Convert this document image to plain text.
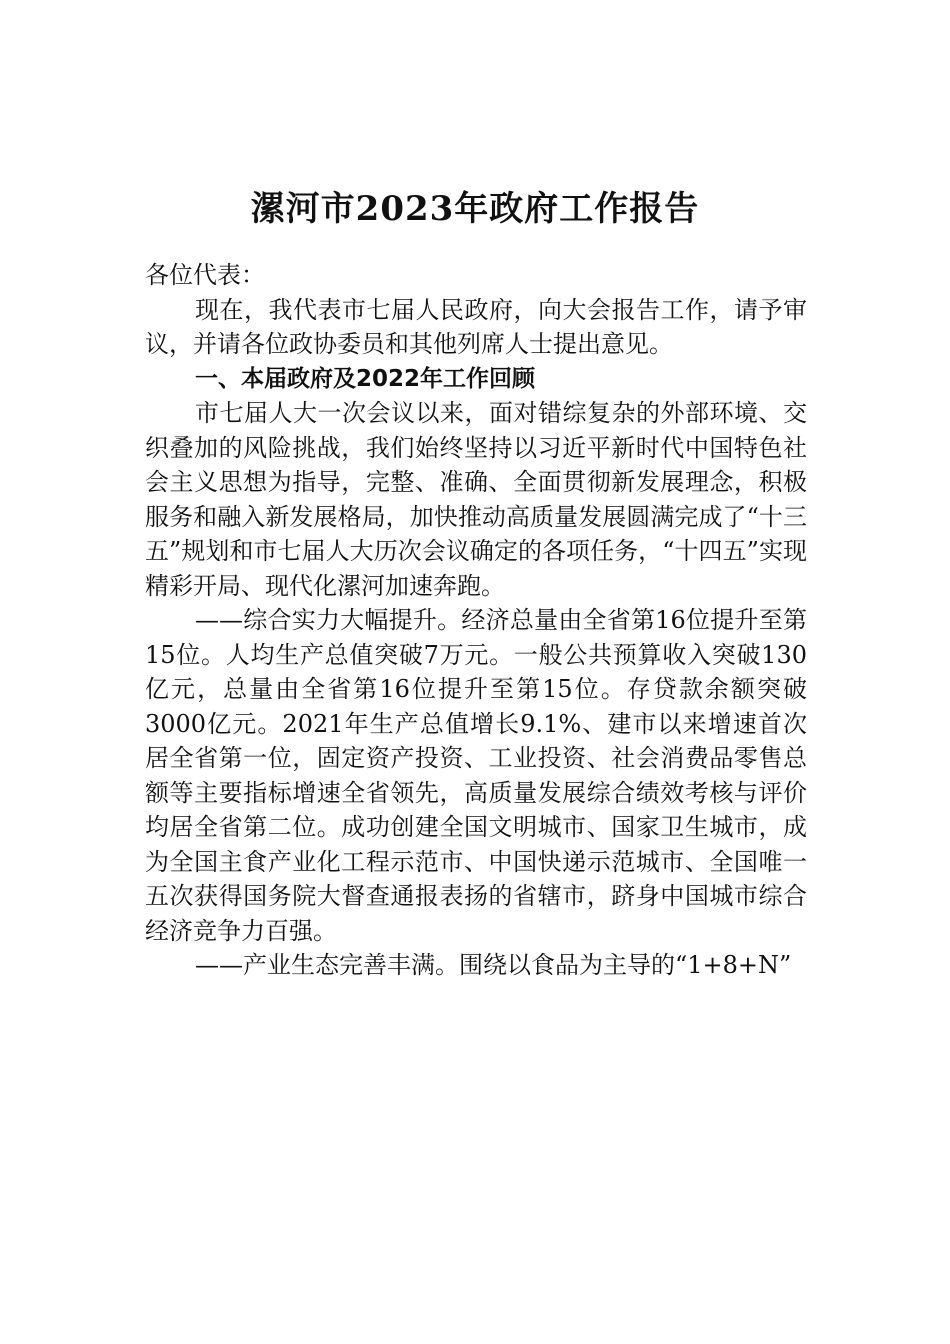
漯河市2023年政府工作报告

各位代表：

现在，我代表市七届人民政府，向大会报告工作，请予审议，并请各位政协委员和其他列席人士提出意见。

一、本届政府及2022年工作回顾

市七届人大一次会议以来，面对错综复杂的外部环境、交织叠加的风险挑战，我们始终坚持以习近平新时代中国特色社会主义思想为指导，完整、准确、全面贯彻新发展理念，积极服务和融入新发展格局，加快推动高质量发展圆满完成了“十三五”规划和市七届人大历次会议确定的各项任务，“十四五”实现精彩开局、现代化漯河加速奔跑。

——综合实力大幅提升。经济总量由全省第16位提升至第15位。人均生产总值突破7万元。一般公共预算收入突破130亿元，总量由全省第16位提升至第15位。存贷款余额突破3000亿元。2021年生产总值增长9.1%、建市以来增速首次居全省第一位，固定资产投资、工业投资、社会消费品零售总额等主要指标增速全省领先，高质量发展综合绩效考核与评价均居全省第二位。成功创建全国文明城市、国家卫生城市，成为全国主食产业化工程示范市、中国快递示范城市、全国唯一五次获得国务院大督查通报表扬的省辖市，跻身中国城市综合经济竞争力百强。

——产业生态完善丰满。围绕以食品为主导的“1+8+N”
